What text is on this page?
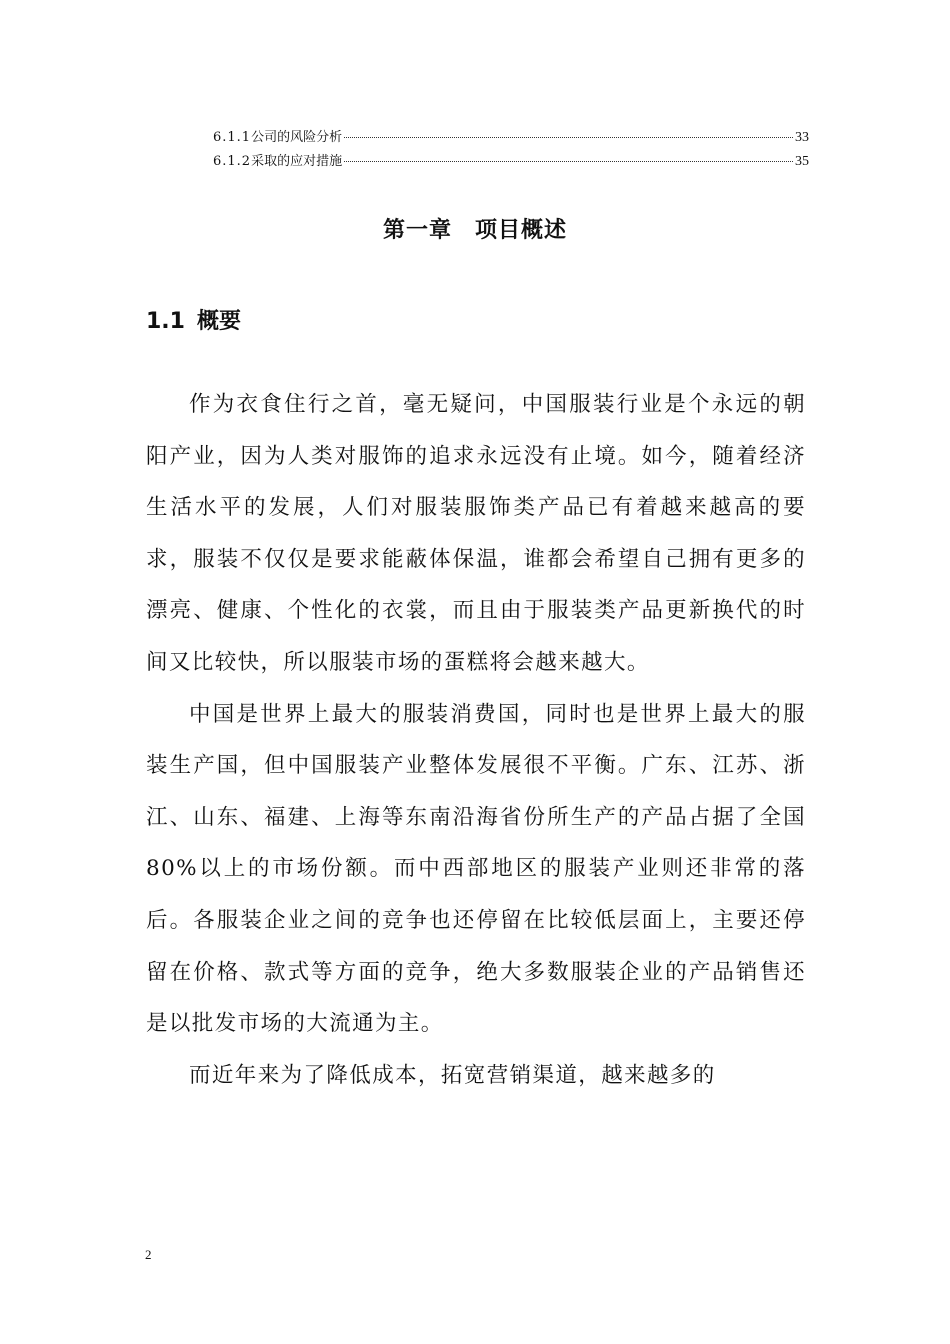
6.1.1 公司的风险分析	33
6.1.2 采取的应对措施	35
第一章　项目概述
1.1 概要

作为衣食住行之首，毫无疑问，中国服装行业是个永远的朝阳产业，因为人类对服饰的追求永远没有止境。如今，随着经济生活水平的发展，人们对服装服饰类产品已有着越来越高的要求，服装不仅仅是要求能蔽体保温，谁都会希望自己拥有更多的漂亮、健康、个性化的衣裳，而且由于服装类产品更新换代的时间又比较快，所以服装市场的蛋糕将会越来越大。

中国是世界上最大的服装消费国，同时也是世界上最大的服装生产国，但中国服装产业整体发展很不平衡。广东、江苏、浙江、山东、福建、上海等东南沿海省份所生产的产品占据了全国80%以上的市场份额。而中西部地区的服装产业则还非常的落后。各服装企业之间的竞争也还停留在比较低层面上，主要还停留在价格、款式等方面的竞争，绝大多数服装企业的产品销售还是以批发市场的大流通为主。

而近年来为了降低成本，拓宽营销渠道，越来越多的

2
